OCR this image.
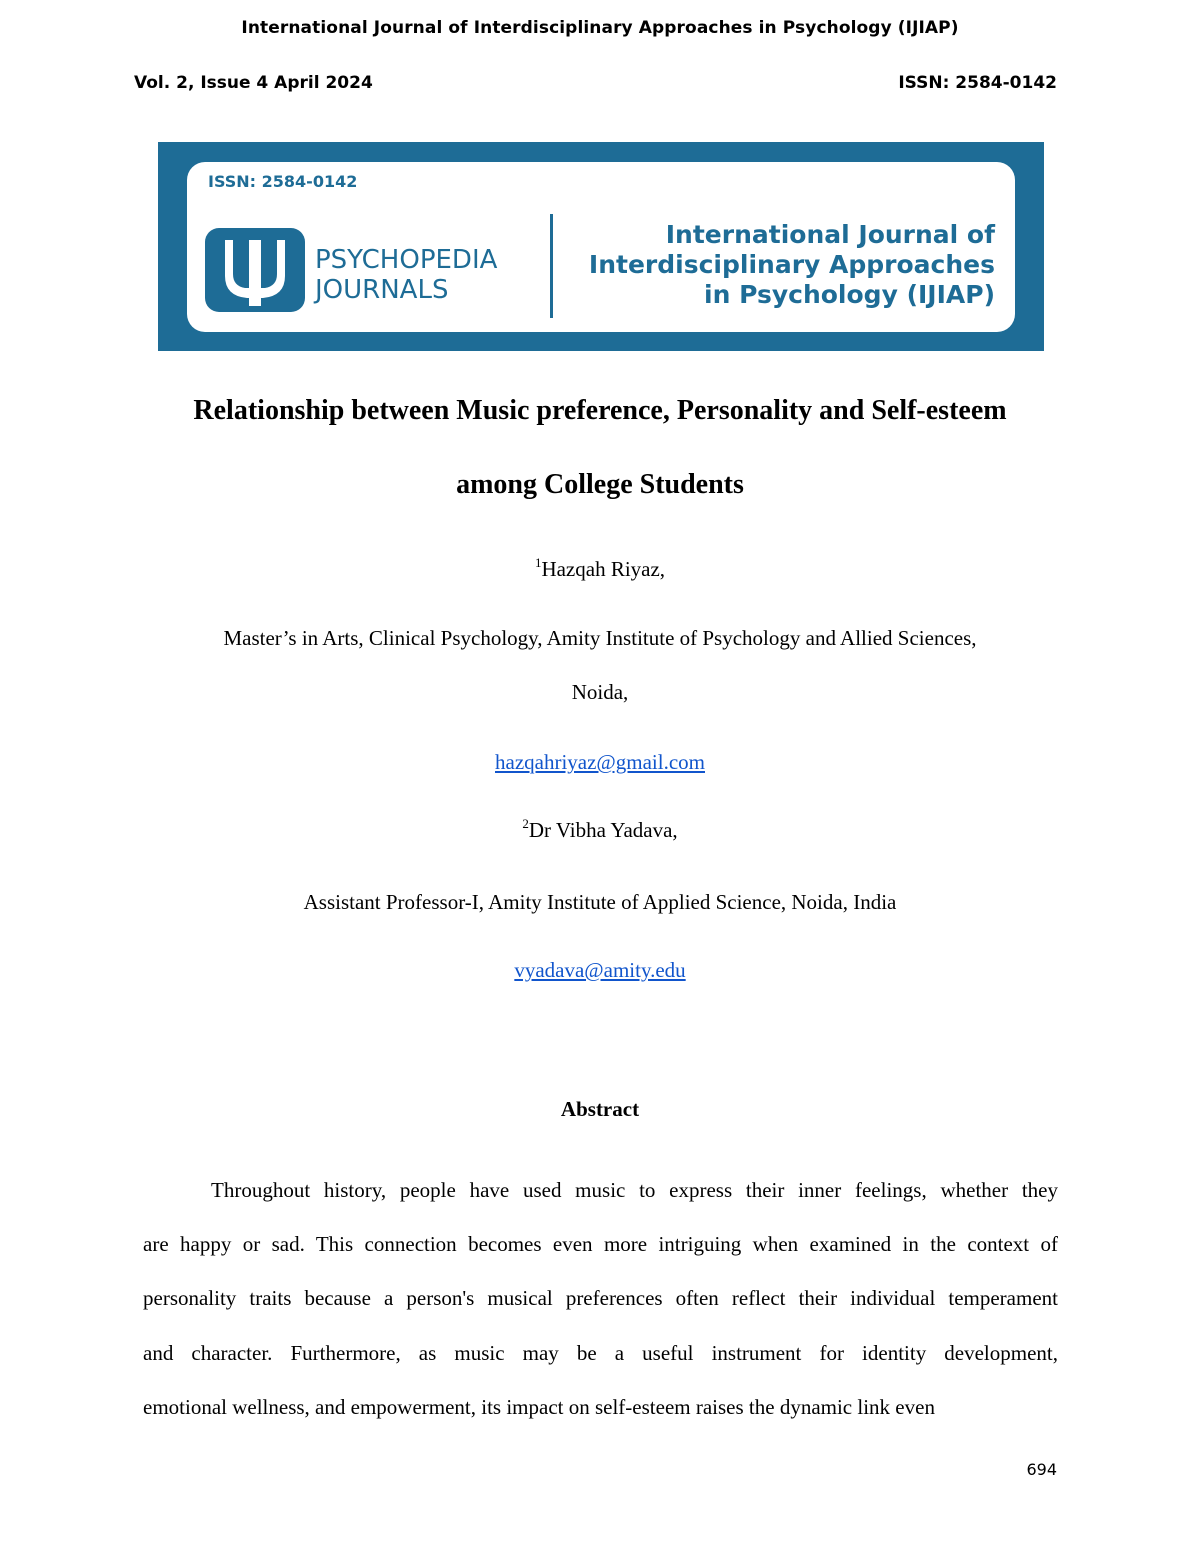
International Journal of Interdisciplinary Approaches in Psychology (IJIAP)
Vol. 2, Issue 4 April 2024	ISSN: 2584-0142
ISSN: 2584-0142
PSYCHOPEDIA
JOURNALS
International Journal of
Interdisciplinary Approaches
in Psychology (IJIAP)
Relationship between Music preference, Personality and Self-esteem
among College Students
$^1$Hazqah Riyaz,
Master’s in Arts, Clinical Psychology, Amity Institute of Psychology and Allied Sciences,
Noida,
hazqahriyaz@gmail.com
$^2$Dr Vibha Yadava,
Assistant Professor-I, Amity Institute of Applied Science, Noida, India
vyadava@amity.edu
Abstract
Throughout history, people have used music to express their inner feelings, whether they
are happy or sad. This connection becomes even more intriguing when examined in the context of
personality traits because a person's musical preferences often reflect their individual temperament
and character. Furthermore, as music may be a useful instrument for identity development,
emotional wellness, and empowerment, its impact on self-esteem raises the dynamic link even
694
